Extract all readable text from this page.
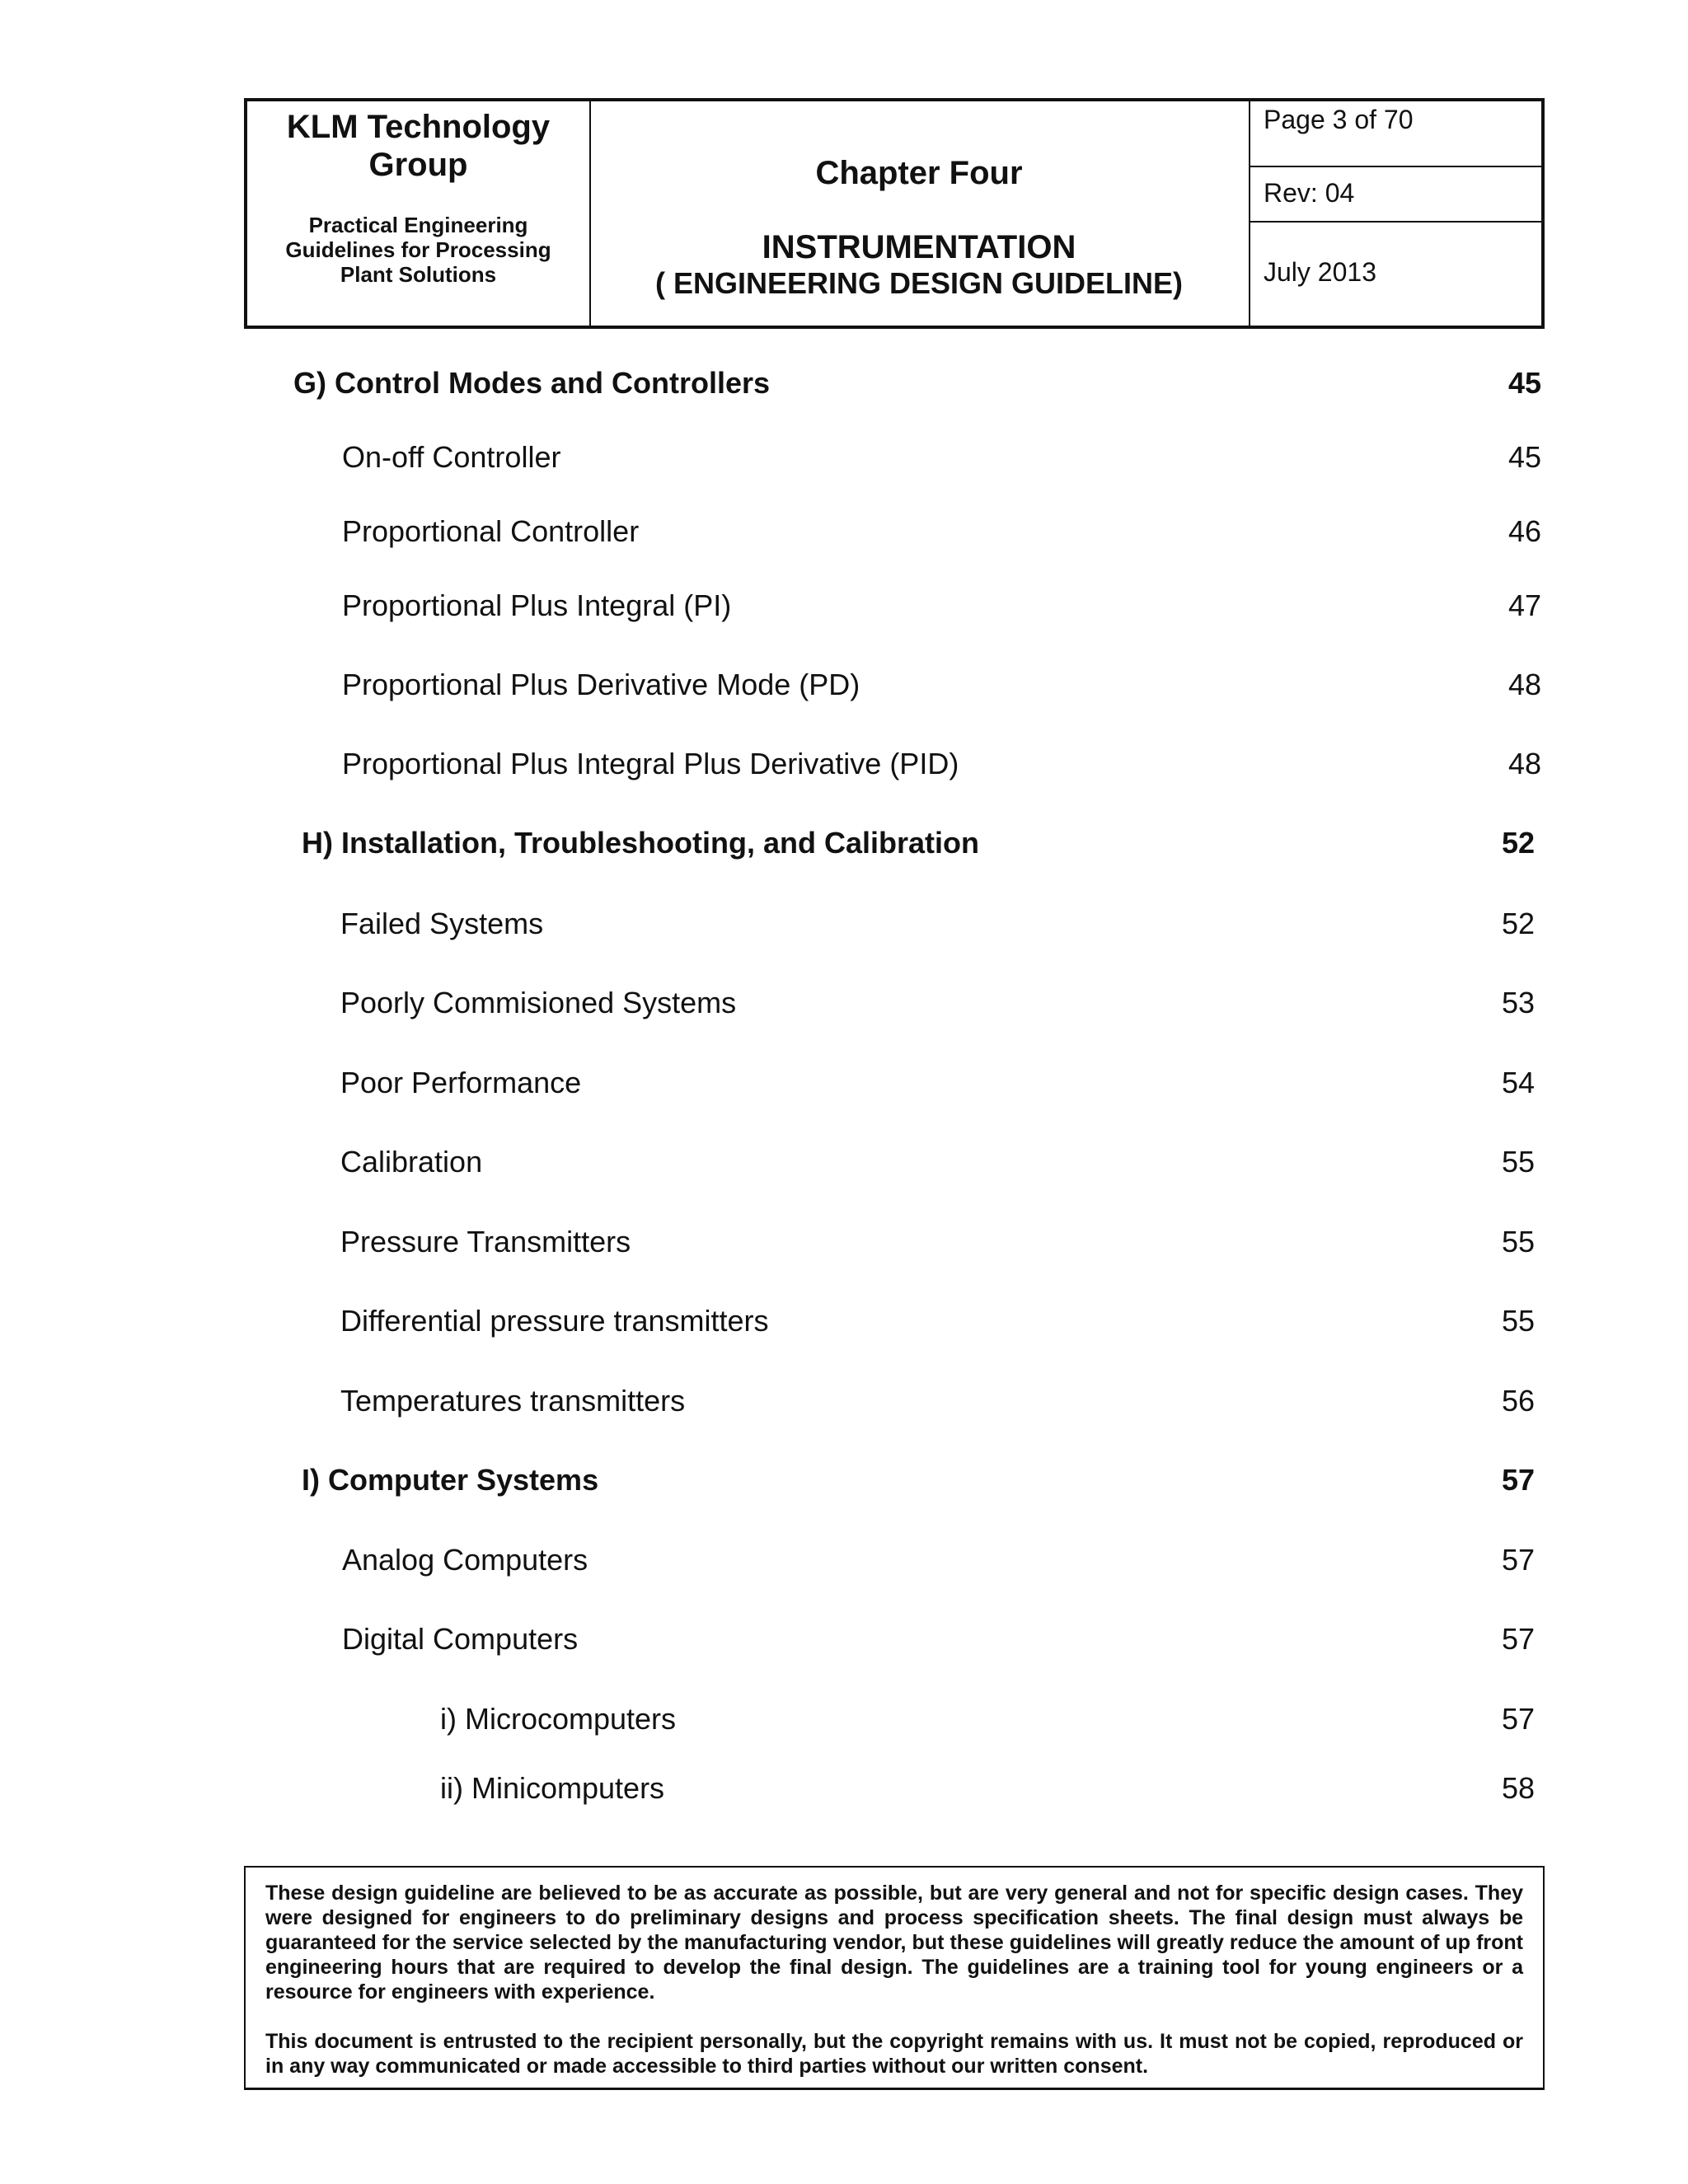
KLM Technology
Group
Practical Engineering
Guidelines for Processing
Plant Solutions
Chapter Four
INSTRUMENTATION
( ENGINEERING DESIGN GUIDELINE)
Page 3 of 70
Rev: 04
July 2013
G) Control Modes and Controllers	45
On-off Controller	45
Proportional Controller	46
Proportional Plus Integral (PI)	47
Proportional Plus Derivative Mode (PD)	48
Proportional Plus Integral Plus Derivative (PID)	48
H) Installation, Troubleshooting, and Calibration	52
Failed Systems	52
Poorly Commisioned Systems	53
Poor Performance	54
Calibration	55
Pressure Transmitters	55
Differential pressure transmitters	55
Temperatures transmitters	56
I) Computer Systems	57
Analog Computers	57
Digital Computers	57
i) Microcomputers	57
ii) Minicomputers	58

These design guideline are believed to be as accurate as possible, but are very general and not for specific design cases. They were designed for engineers to do preliminary designs and process specification sheets. The final design must always be guaranteed for the service selected by the manufacturing vendor, but these guidelines will greatly reduce the amount of up front engineering hours that are required to develop the final design. The guidelines are a training tool for young engineers or a resource for engineers with experience.

This document is entrusted to the recipient personally, but the copyright remains with us. It must not be copied, reproduced or in any way communicated or made accessible to third parties without our written consent.
